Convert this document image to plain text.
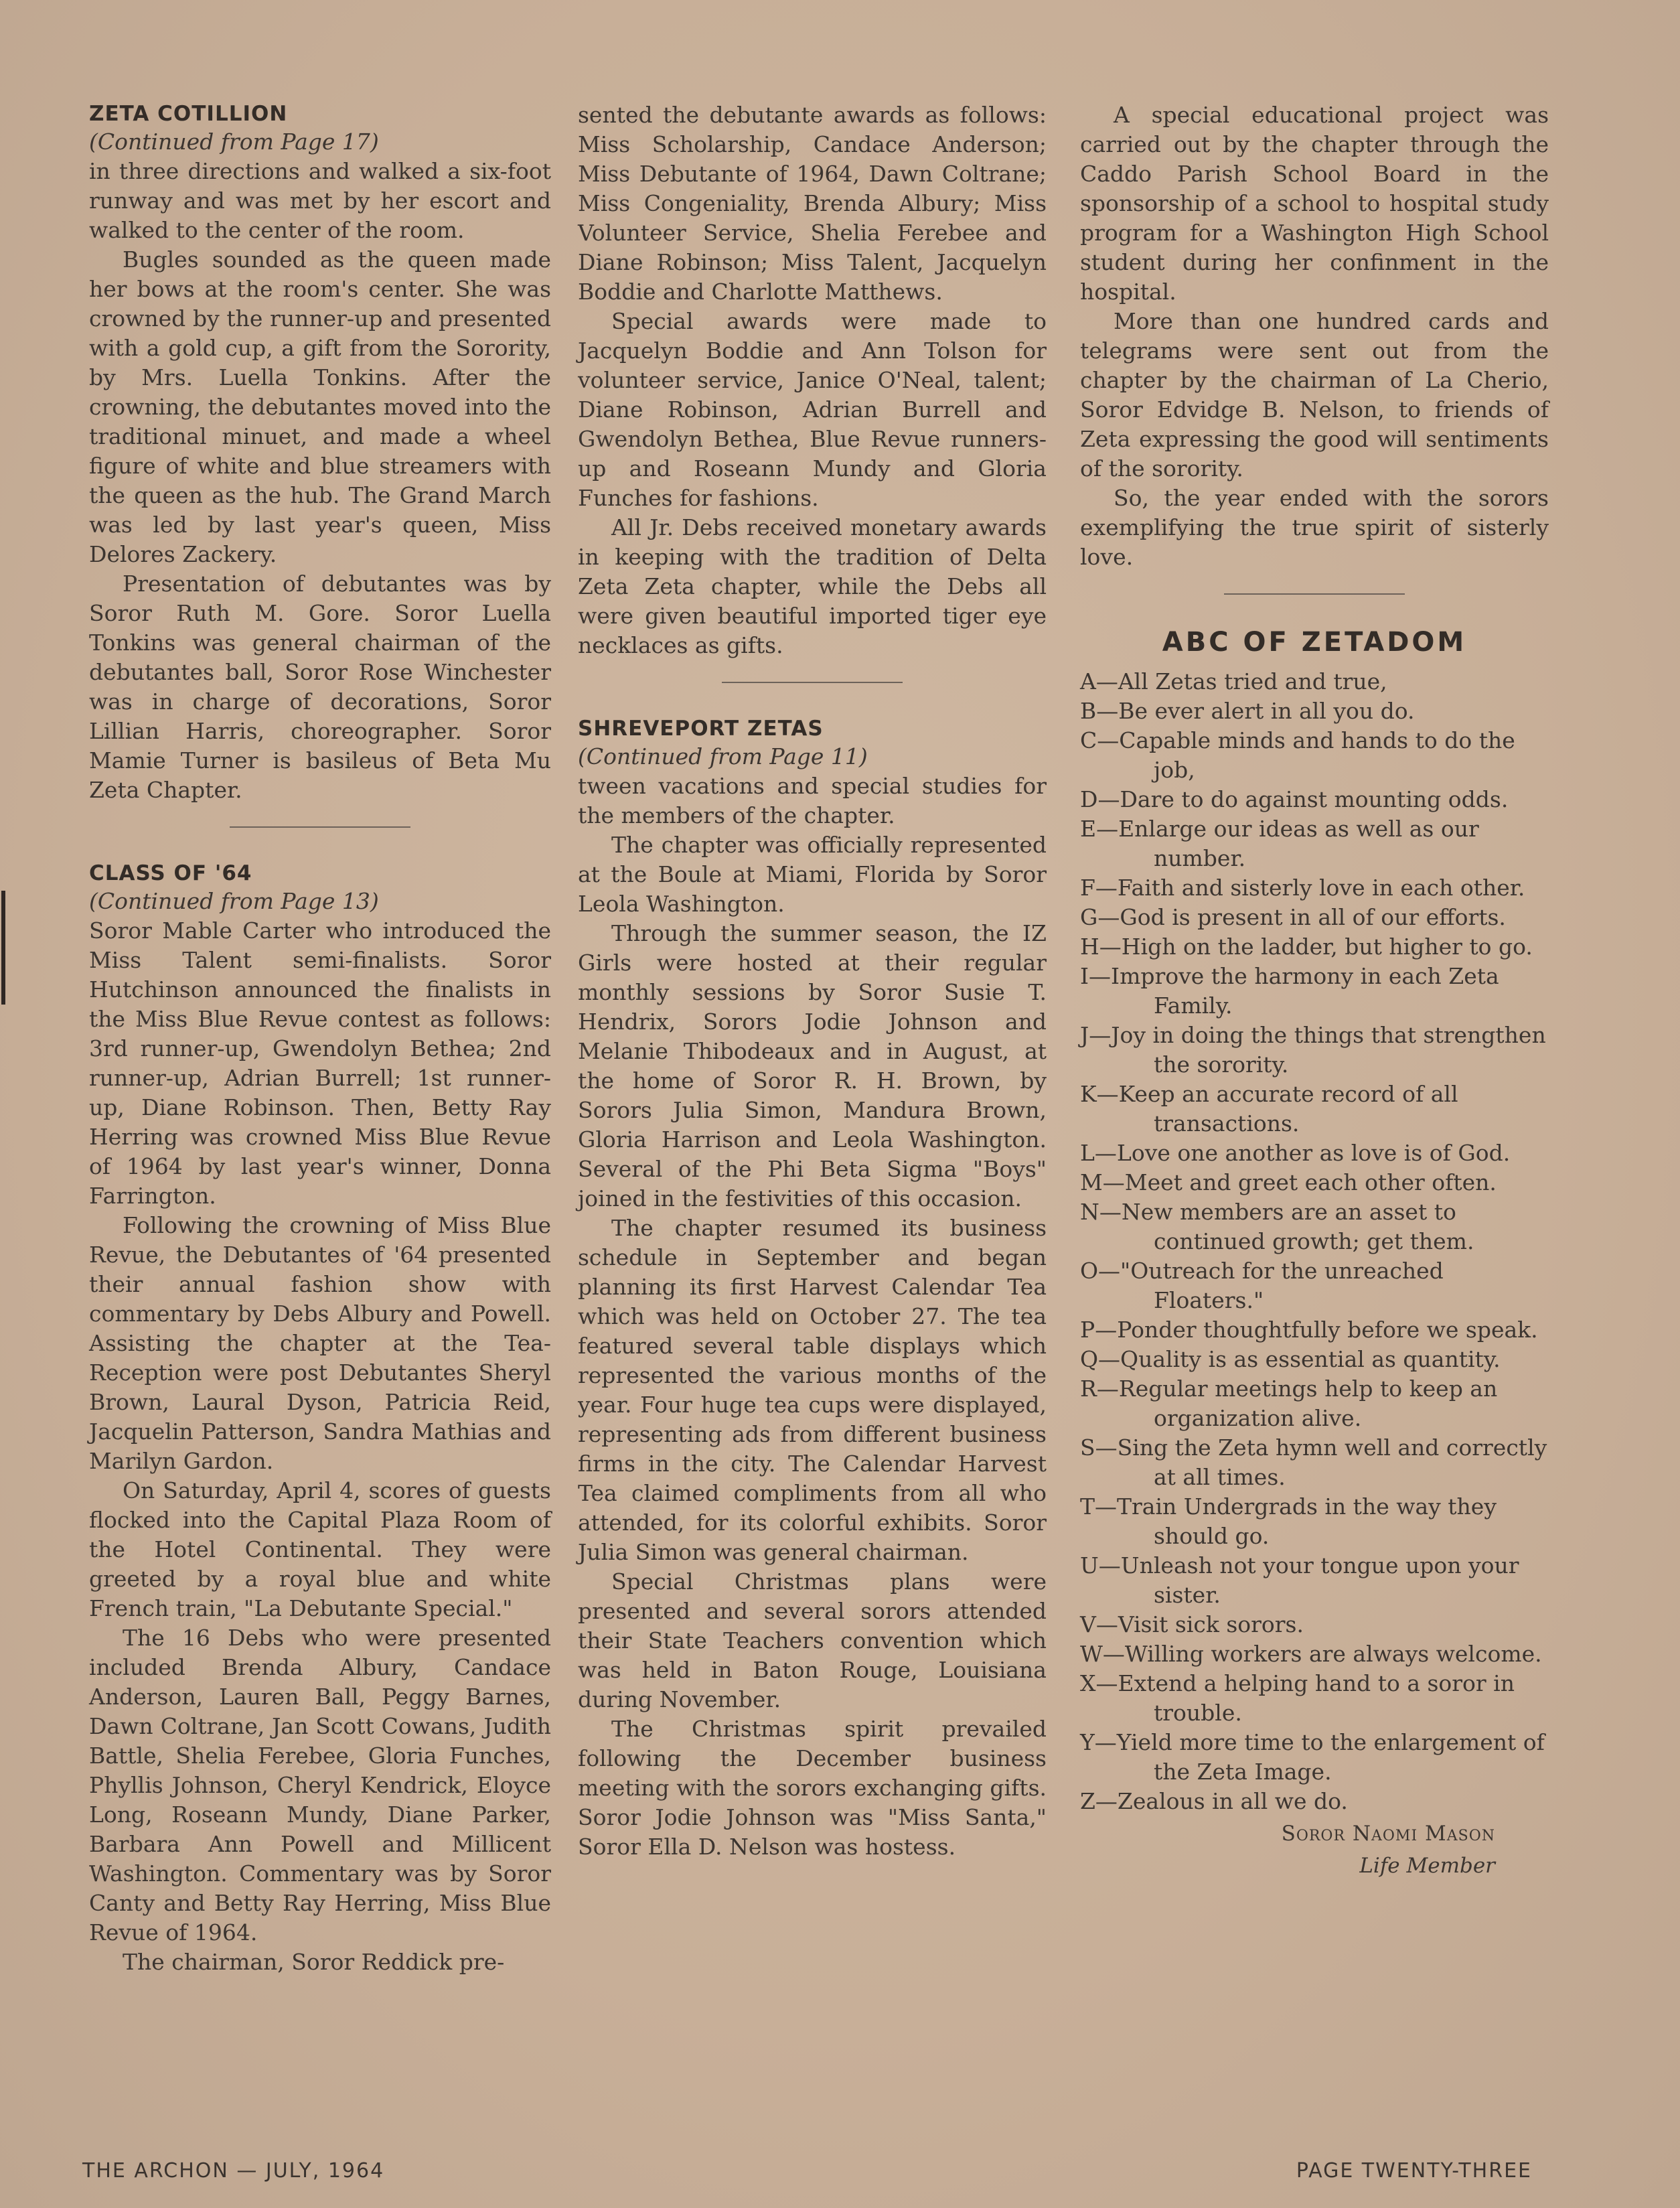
ZETA COTILLION

(Continued from Page 17)

in three directions and walked a six-foot runway and was met by her escort and walked to the center of the room.

Bugles sounded as the queen made her bows at the room's center. She was crowned by the runner-up and presented with a gold cup, a gift from the Sorority, by Mrs. Luella Tonkins. After the crowning, the debutantes moved into the traditional minuet, and made a wheel figure of white and blue streamers with the queen as the hub. The Grand March was led by last year's queen, Miss Delores Zackery.

Presentation of debutantes was by Soror Ruth M. Gore. Soror Luella Tonkins was general chairman of the debutantes ball, Soror Rose Winchester was in charge of decorations, Soror Lillian Harris, choreographer. Soror Mamie Turner is basileus of Beta Mu Zeta Chapter.

CLASS OF '64

(Continued from Page 13)

Soror Mable Carter who introduced the Miss Talent semi-finalists. Soror Hutchinson announced the finalists in the Miss Blue Revue contest as follows: 3rd runner-up, Gwendolyn Bethea; 2nd runner-up, Adrian Burrell; 1st runner-up, Diane Robinson. Then, Betty Ray Herring was crowned Miss Blue Revue of 1964 by last year's winner, Donna Farrington.

Following the crowning of Miss Blue Revue, the Debutantes of '64 presented their annual fashion show with commentary by Debs Albury and Powell. Assisting the chapter at the Tea-Reception were post Debutantes Sheryl Brown, Laural Dyson, Patricia Reid, Jacquelin Patterson, Sandra Mathias and Marilyn Gardon.

On Saturday, April 4, scores of guests flocked into the Capital Plaza Room of the Hotel Continental. They were greeted by a royal blue and white French train, "La Debutante Special."

The 16 Debs who were presented included Brenda Albury, Candace Anderson, Lauren Ball, Peggy Barnes, Dawn Coltrane, Jan Scott Cowans, Judith Battle, Shelia Ferebee, Gloria Funches, Phyllis Johnson, Cheryl Kendrick, Eloyce Long, Roseann Mundy, Diane Parker, Barbara Ann Powell and Millicent Washington. Commentary was by Soror Canty and Betty Ray Herring, Miss Blue Revue of 1964.

The chairman, Soror Reddick pre-

sented the debutante awards as follows: Miss Scholarship, Candace Anderson; Miss Debutante of 1964, Dawn Coltrane; Miss Congeniality, Brenda Albury; Miss Volunteer Service, Shelia Ferebee and Diane Robinson; Miss Talent, Jacquelyn Boddie and Charlotte Matthews.

Special awards were made to Jacquelyn Boddie and Ann Tolson for volunteer service, Janice O'Neal, talent; Diane Robinson, Adrian Burrell and Gwendolyn Bethea, Blue Revue runners-up and Roseann Mundy and Gloria Funches for fashions.

All Jr. Debs received monetary awards in keeping with the tradition of Delta Zeta Zeta chapter, while the Debs all were given beautiful imported tiger eye necklaces as gifts.

SHREVEPORT ZETAS

(Continued from Page 11)

tween vacations and special studies for the members of the chapter.

The chapter was officially represented at the Boule at Miami, Florida by Soror Leola Washington.

Through the summer season, the IZ Girls were hosted at their regular monthly sessions by Soror Susie T. Hendrix, Sorors Jodie Johnson and Melanie Thibodeaux and in August, at the home of Soror R. H. Brown, by Sorors Julia Simon, Mandura Brown, Gloria Harrison and Leola Washington. Several of the Phi Beta Sigma "Boys" joined in the festivities of this occasion.

The chapter resumed its business schedule in September and began planning its first Harvest Calendar Tea which was held on October 27. The tea featured several table displays which represented the various months of the year. Four huge tea cups were displayed, representing ads from different business firms in the city. The Calendar Harvest Tea claimed compliments from all who attended, for its colorful exhibits. Soror Julia Simon was general chairman.

Special Christmas plans were presented and several sorors attended their State Teachers convention which was held in Baton Rouge, Louisiana during November.

The Christmas spirit prevailed following the December business meeting with the sorors exchanging gifts. Soror Jodie Johnson was "Miss Santa," Soror Ella D. Nelson was hostess.

A special educational project was carried out by the chapter through the Caddo Parish School Board in the sponsorship of a school to hospital study program for a Washington High School student during her confinment in the hospital.

More than one hundred cards and telegrams were sent out from the chapter by the chairman of La Cherio, Soror Edvidge B. Nelson, to friends of Zeta expressing the good will sentiments of the sorority.

So, the year ended with the sorors exemplifying the true spirit of sisterly love.

ABC OF ZETADOM
A—All Zetas tried and true,
B—Be ever alert in all you do.
C—Capable minds and hands to do the job,
D—Dare to do against mounting odds.
E—Enlarge our ideas as well as our number.
F—Faith and sisterly love in each other.
G—God is present in all of our efforts.
H—High on the ladder, but higher to go.
I—Improve the harmony in each Zeta Family.
J—Joy in doing the things that strengthen the sorority.
K—Keep an accurate record of all transactions.
L—Love one another as love is of God.
M—Meet and greet each other often.
N—New members are an asset to continued growth; get them.
O—"Outreach for the unreached Floaters."
P—Ponder thoughtfully before we speak.
Q—Quality is as essential as quantity.
R—Regular meetings help to keep an organization alive.
S—Sing the Zeta hymn well and correctly at all times.
T—Train Undergrads in the way they should go.
U—Unleash not your tongue upon your sister.
V—Visit sick sorors.
W—Willing workers are always welcome.
X—Extend a helping hand to a soror in trouble.
Y—Yield more time to the enlargement of the Zeta Image.
Z—Zealous in all we do.
Soror Naomi Mason
Life Member
THE ARCHON — JULY, 1964	PAGE TWENTY-THREE
